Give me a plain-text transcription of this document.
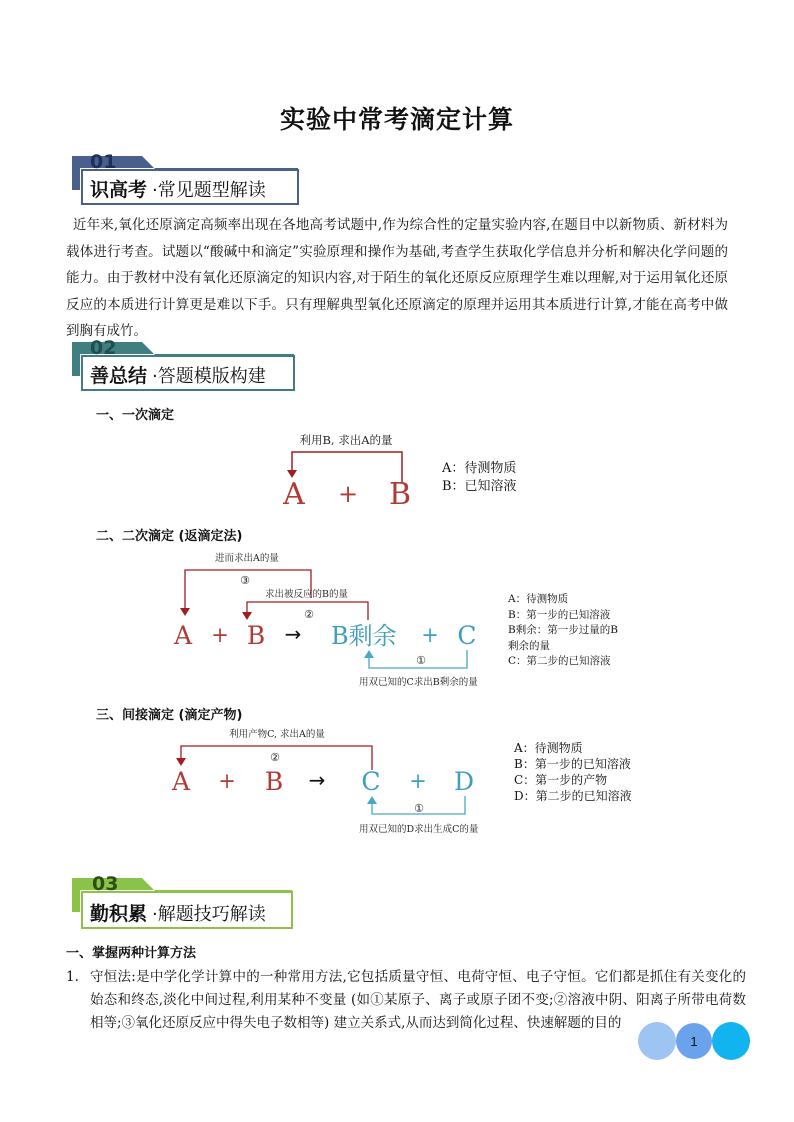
实验中常考滴定计算
01
识高考 ·常见题型解读
 近年来,氧化还原滴定高频率出现在各地高考试题中,作为综合性的定量实验内容,在题目中以新物质、新材料为载体进行考查。试题以“酸碱中和滴定”实验原理和操作为基础,考查学生获取化学信息并分析和解决化学问题的能力。由于教材中没有氧化还原滴定的知识内容,对于陌生的氧化还原反应原理学生难以理解,对于运用氧化还原反应的本质进行计算更是难以下手。只有理解典型氧化还原滴定的原理并运用其本质进行计算,才能在高考中做到胸有成竹。
02
善总结 ·答题模版构建
一、一次滴定
利用B, 求出A的量
A + B
A：待测物质
B：已知溶液
二、二次滴定 (返滴定法)
进而求出A的量
③
求出被反应的B的量
②
A + B → B剩余 + C
①
用双已知的C求出B剩余的量
A：待测物质
B：第一步的已知溶液
B剩余：第一步过量的B
剩余的量
C：第二步的已知溶液
三、间接滴定 (滴定产物)
利用产物C, 求出A的量
②
A + B → C + D
①
用双已知的D求出生成C的量
A：待测物质
B：第一步的已知溶液
C：第一步的产物
D：第二步的已知溶液
03
勤积累 ·解题技巧解读
一、掌握两种计算方法
1. 守恒法:是中学化学计算中的一种常用方法,它包括质量守恒、电荷守恒、电子守恒。它们都是抓住有关变化的始态和终态,淡化中间过程,利用某种不变量 (如①某原子、离子或原子团不变;②溶液中阴、阳离子所带电荷数相等;③氧化还原反应中得失电子数相等) 建立关系式,从而达到简化过程、快速解题的目的
1
